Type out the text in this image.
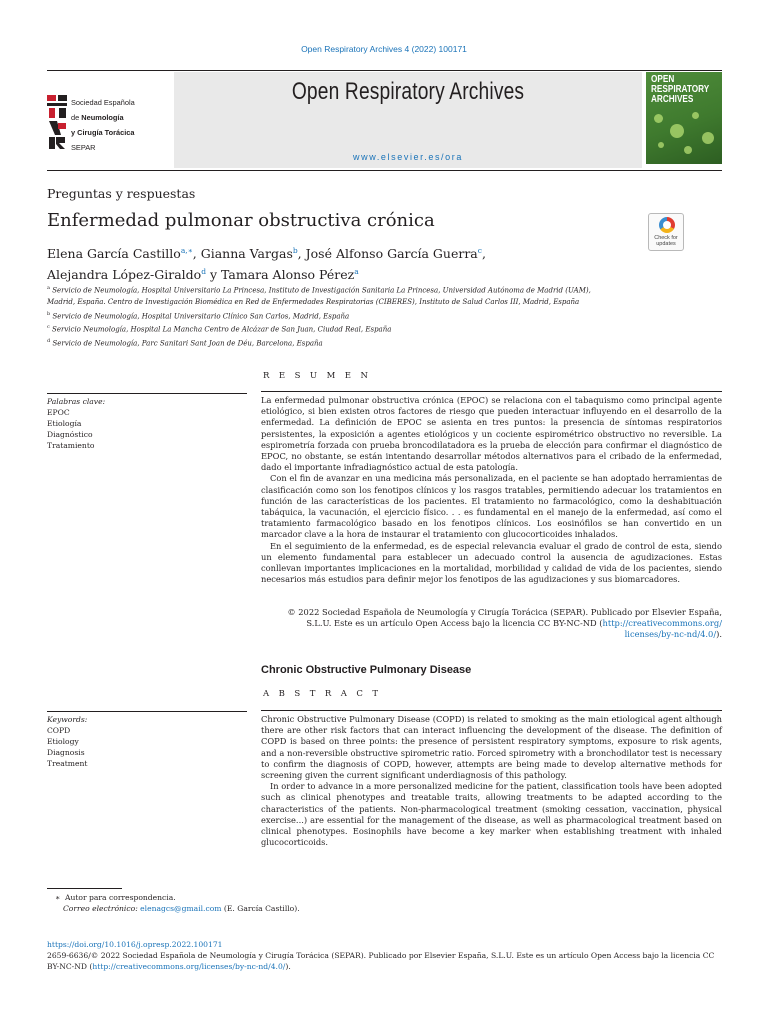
Open Respiratory Archives 4 (2022) 100171
Sociedad Española
de Neumología
y Cirugía Torácica
SEPAR
Open Respiratory Archives
www.elsevier.es/ora
OPEN
RESPIRATORY
ARCHIVES
Preguntas y respuestas
Enfermedad pulmonar obstructiva crónica
Check for
updates
Elena García Castillo$^{a,∗}$, Gianna Vargas$^b$, José Alfonso García Guerra$^c$,
Alejandra López-Giraldo$^d$ y Tamara Alonso Pérez$^a$
$^a$ Servicio de Neumología, Hospital Universitario La Princesa, Instituto de Investigación Sanitaria La Princesa, Universidad Autónoma de Madrid (UAM),
Madrid, España. Centro de Investigación Biomédica en Red de Enfermedades Respiratorias (CIBERES), Instituto de Salud Carlos III, Madrid, España
$^b$ Servicio de Neumología, Hospital Universitario Clínico San Carlos, Madrid, España
$^c$ Servicio Neumología, Hospital La Mancha Centro de Alcázar de San Juan, Ciudad Real, España
$^d$ Servicio de Neumología, Parc Sanitari Sant Joan de Déu, Barcelona, España
Palabras clave:
EPOC
Etiología
Diagnóstico
Tratamiento
R E S U M E N

La enfermedad pulmonar obstructiva crónica (EPOC) se relaciona con el tabaquismo como principal agente etiológico, si bien existen otros factores de riesgo que pueden interactuar influyendo en el desarrollo de la enfermedad. La definición de EPOC se asienta en tres puntos: la presencia de síntomas respiratorios persistentes, la exposición a agentes etiológicos y un cociente espirométrico obstructivo no reversible. La espirometría forzada con prueba broncodilatadora es la prueba de elección para confirmar el diagnóstico de EPOC, no obstante, se están intentando desarrollar métodos alternativos para el cribado de la enfermedad, dado el importante infradiagnóstico actual de esta patología.

Con el fin de avanzar en una medicina más personalizada, en el paciente se han adoptado herramientas de clasificación como son los fenotipos clínicos y los rasgos tratables, permitiendo adecuar los tratamientos en función de las características de los pacientes. El tratamiento no farmacológico, como la deshabituación tabáquica, la vacunación, el ejercicio físico. . . es fundamental en el manejo de la enfermedad, así como el tratamiento farmacológico basado en los fenotipos clínicos. Los eosinófilos se han convertido en un marcador clave a la hora de instaurar el tratamiento con glucocorticoides inhalados.

En el seguimiento de la enfermedad, es de especial relevancia evaluar el grado de control de esta, siendo un elemento fundamental para establecer un adecuado control la ausencia de agudizaciones. Estas conllevan importantes implicaciones en la mortalidad, morbilidad y calidad de vida de los pacientes, siendo necesarios más estudios para definir mejor los fenotipos de las agudizaciones y sus biomarcadores.

© 2022 Sociedad Española de Neumología y Cirugía Torácica (SEPAR). Publicado por Elsevier España,
S.L.U. Este es un artículo Open Access bajo la licencia CC BY-NC-ND (http://creativecommons.org/
licenses/by-nc-nd/4.0/).
Chronic Obstructive Pulmonary Disease
A B S T R A C T
Keywords:
COPD
Etiology
Diagnosis
Treatment

Chronic Obstructive Pulmonary Disease (COPD) is related to smoking as the main etiological agent although there are other risk factors that can interact influencing the development of the disease. The definition of COPD is based on three points: the presence of persistent respiratory symptoms, exposure to risk agents, and a non-reversible obstructive spirometric ratio. Forced spirometry with a bronchodilator test is necessary to confirm the diagnosis of COPD, however, attempts are being made to develop alternative methods for screening given the current significant underdiagnosis of this pathology.

In order to advance in a more personalized medicine for the patient, classification tools have been adopted such as clinical phenotypes and treatable traits, allowing treatments to be adapted according to the characteristics of the patients. Non-pharmacological treatment (smoking cessation, vaccination, physical exercise...) are essential for the management of the disease, as well as pharmacological treatment based on clinical phenotypes. Eosinophils have become a key marker when establishing treatment with inhaled glucocorticoids.

∗ Autor para correspondencia.
Correo electrónico: elenagcs@gmail.com (E. García Castillo).
https://doi.org/10.1016/j.opresp.2022.100171
2659-6636/© 2022 Sociedad Española de Neumología y Cirugía Torácica (SEPAR). Publicado por Elsevier España, S.L.U. Este es un artículo Open Access bajo la licencia CC
BY-NC-ND (http://creativecommons.org/licenses/by-nc-nd/4.0/).
